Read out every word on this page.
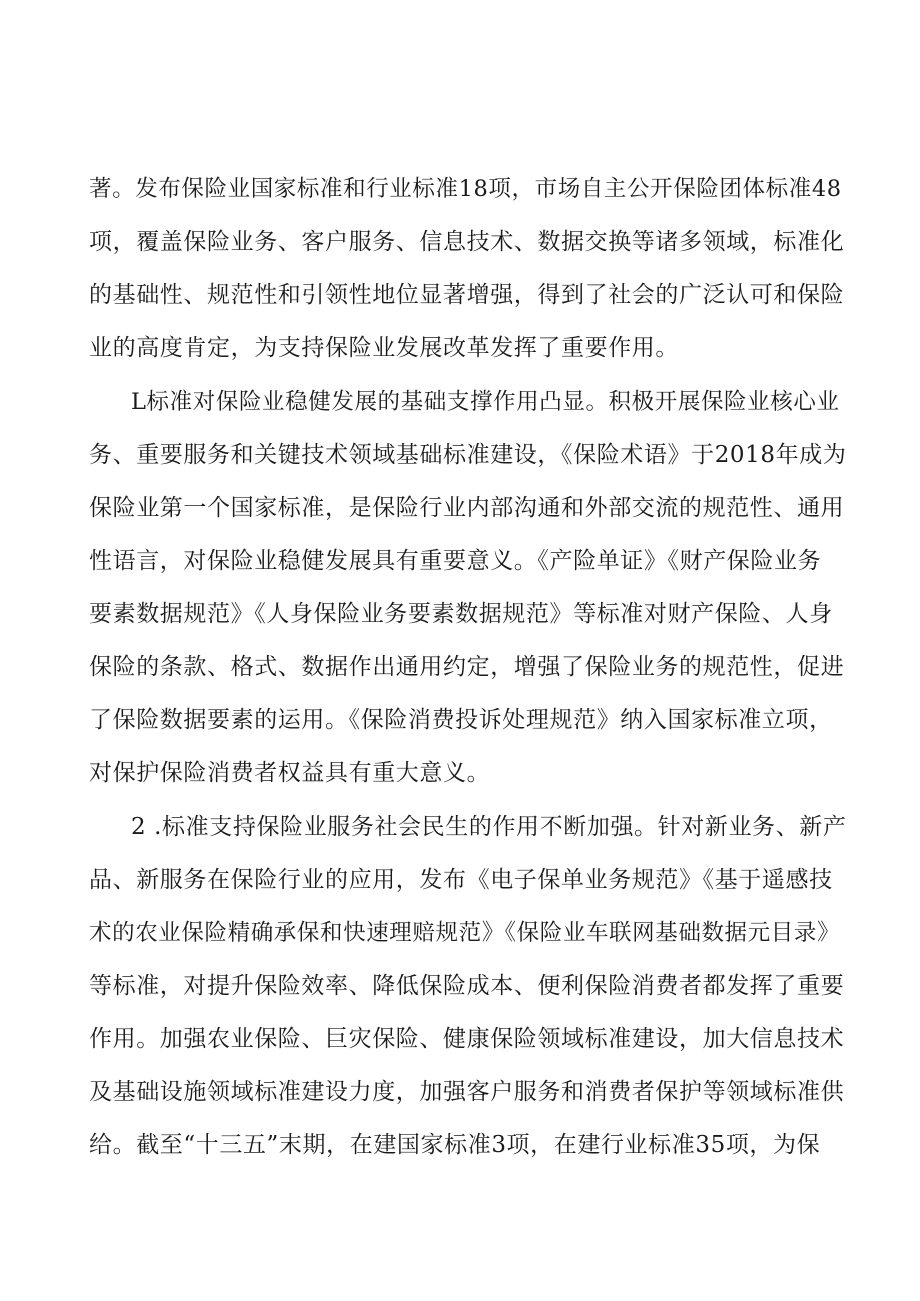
著。发布保险业国家标准和行业标准18项，市场自主公开保险团体标准48
项，覆盖保险业务、客户服务、信息技术、数据交换等诸多领域，标准化
的基础性、规范性和引领性地位显著增强，得到了社会的广泛认可和保险
业的高度肯定，为支持保险业发展改革发挥了重要作用。
L标准对保险业稳健发展的基础支撑作用凸显。积极开展保险业核心业
务、重要服务和关键技术领域基础标准建设，《保险术语》于2018年成为
保险业第一个国家标准，是保险行业内部沟通和外部交流的规范性、通用
性语言，对保险业稳健发展具有重要意义。《产险单证》《财产保险业务
要素数据规范》《人身保险业务要素数据规范》等标准对财产保险、人身
保险的条款、格式、数据作出通用约定，增强了保险业务的规范性，促进
了保险数据要素的运用。《保险消费投诉处理规范》纳入国家标准立项，
对保护保险消费者权益具有重大意义。
2 .标准支持保险业服务社会民生的作用不断加强。针对新业务、新产
品、新服务在保险行业的应用，发布《电子保单业务规范》《基于遥感技
术的农业保险精确承保和快速理赔规范》《保险业车联网基础数据元目录》
等标准，对提升保险效率、降低保险成本、便利保险消费者都发挥了重要
作用。加强农业保险、巨灾保险、健康保险领域标准建设，加大信息技术
及基础设施领域标准建设力度，加强客户服务和消费者保护等领域标准供
给。截至“十三五”末期，在建国家标准3项，在建行业标准35项，为保
